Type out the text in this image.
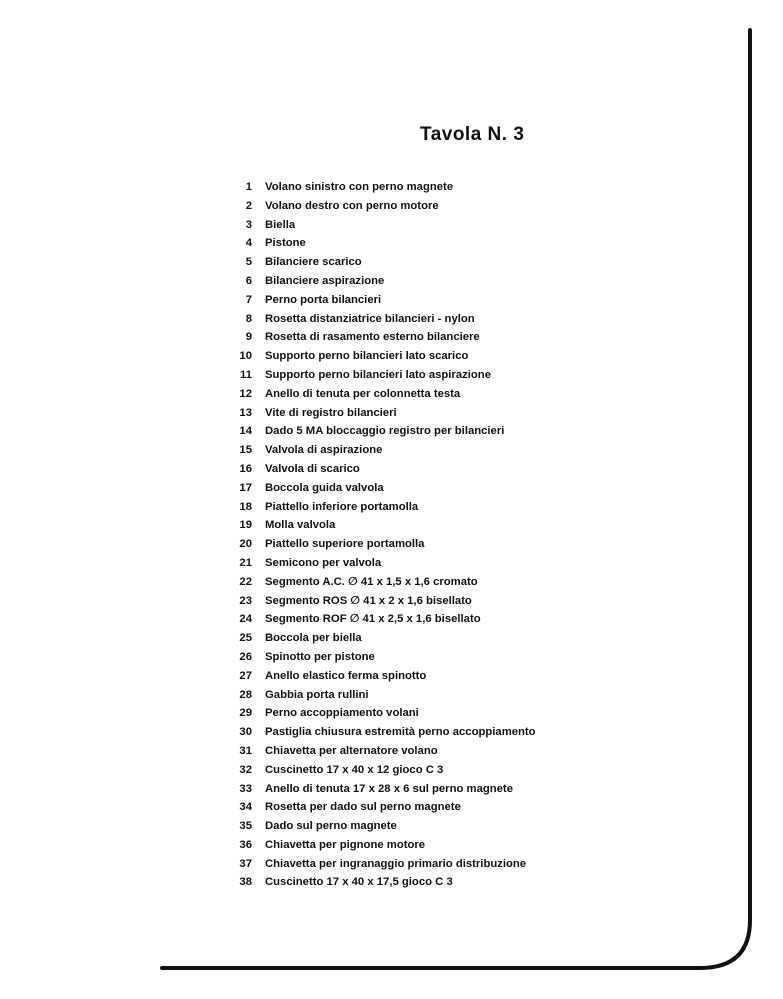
Tavola N. 3
1 Volano sinistro con perno magnete
2 Volano destro con perno motore
3 Biella
4 Pistone
5 Bilanciere scarico
6 Bilanciere aspirazione
7 Perno porta bilancieri
8 Rosetta distanziatrice bilancieri - nylon
9 Rosetta di rasamento esterno bilanciere
10 Supporto perno bilancieri lato scarico
11 Supporto perno bilancieri lato aspirazione
12 Anello di tenuta per colonnetta testa
13 Vite di registro bilancieri
14 Dado 5 MA bloccaggio registro per bilancieri
15 Valvola di aspirazione
16 Valvola di scarico
17 Boccola guida valvola
18 Piattello inferiore portamolla
19 Molla valvola
20 Piattello superiore portamolla
21 Semicono per valvola
22 Segmento A.C. ∅ 41 x 1,5 x 1,6 cromato
23 Segmento ROS ∅ 41 x 2 x 1,6 bisellato
24 Segmento ROF ∅ 41 x 2,5 x 1,6 bisellato
25 Boccola per biella
26 Spinotto per pistone
27 Anello elastico ferma spinotto
28 Gabbia porta rullini
29 Perno accoppiamento volani
30 Pastiglia chiusura estremità perno accoppiamento
31 Chiavetta per alternatore volano
32 Cuscinetto 17 x 40 x 12 gioco C 3
33 Anello di tenuta 17 x 28 x 6 sul perno magnete
34 Rosetta per dado sul perno magnete
35 Dado sul perno magnete
36 Chiavetta per pignone motore
37 Chiavetta per ingranaggio primario distribuzione
38 Cuscinetto 17 x 40 x 17,5 gioco C 3
